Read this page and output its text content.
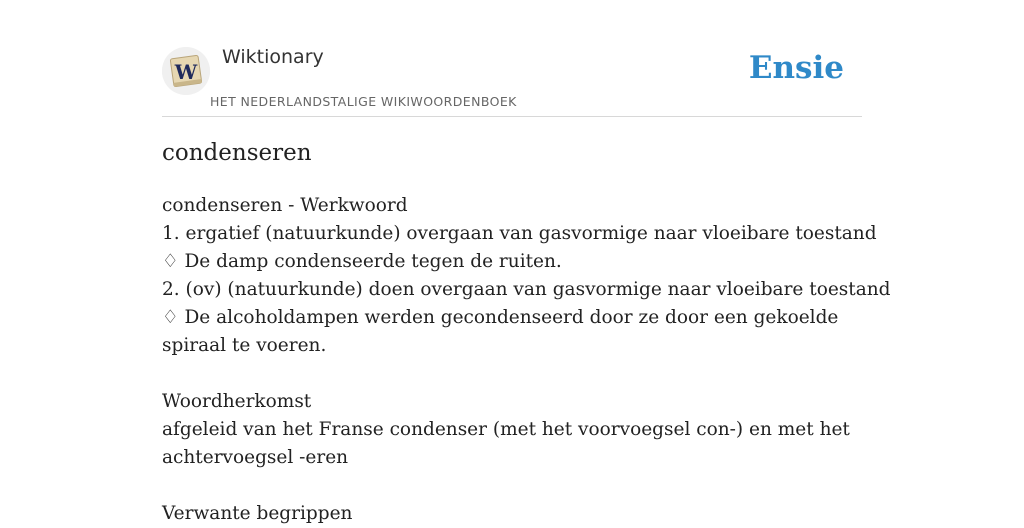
W
Wiktionary
HET NEDERLANDSTALIGE WIKIWOORDENBOEK
Ensie
condenseren
condenseren - Werkwoord
1. ergatief (natuurkunde) overgaan van gasvormige naar vloeibare toestand
♢ De damp condenseerde tegen de ruiten.
2. (ov) (natuurkunde) doen overgaan van gasvormige naar vloeibare toestand
♢ De alcoholdampen werden gecondenseerd door ze door een gekoelde spiraal te voeren.
Woordherkomst
afgeleid van het Franse condenser (met het voorvoegsel con-) en met het achtervoegsel -eren
Verwante begrippen
